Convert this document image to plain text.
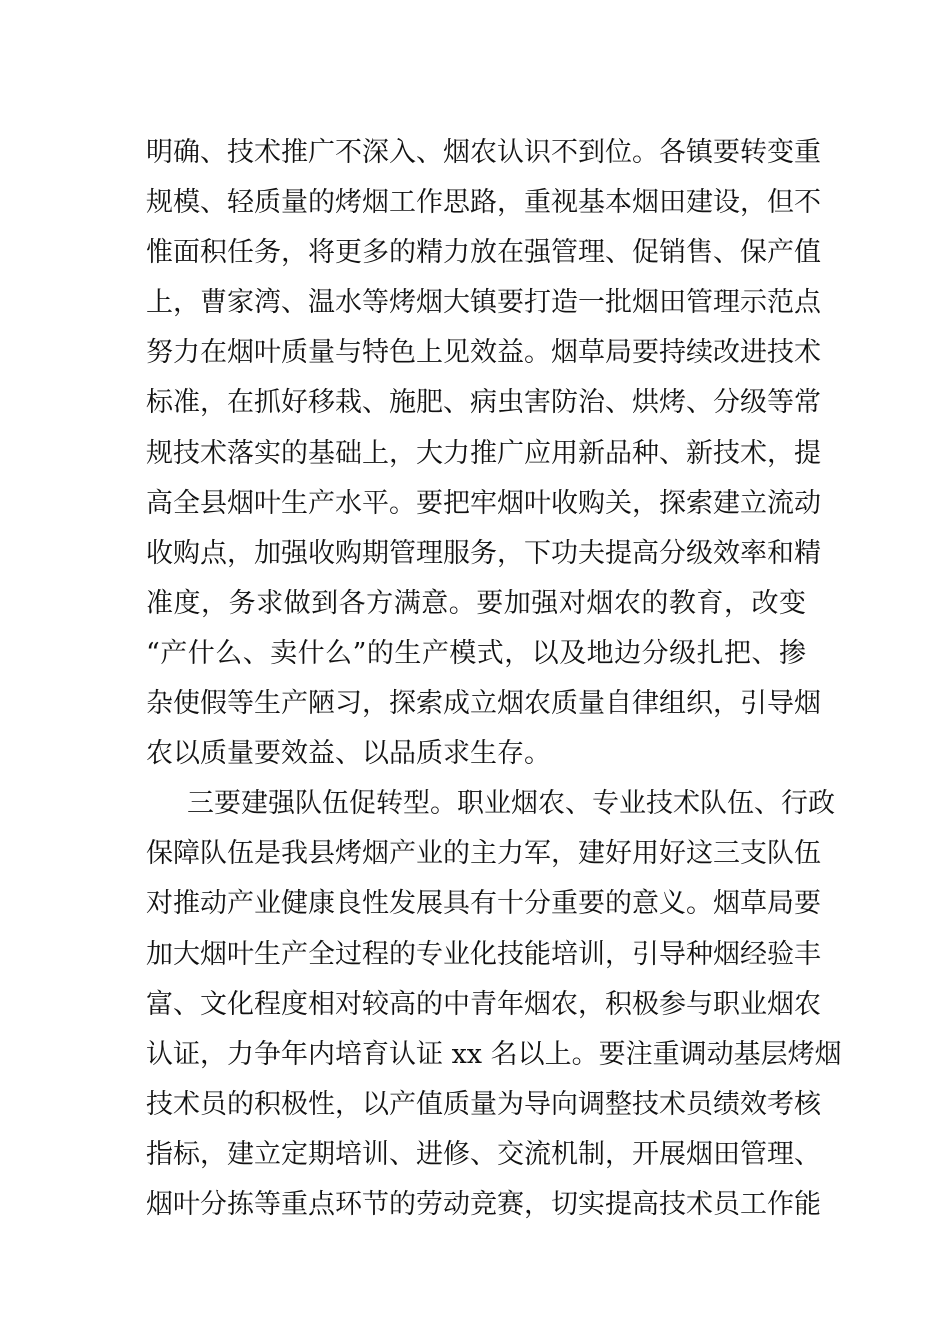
明确、技术推广不深入、烟农认识不到位。各镇要转变重
规模、轻质量的烤烟工作思路，重视基本烟田建设，但不
惟面积任务，将更多的精力放在强管理、促销售、保产值
上，曹家湾、温水等烤烟大镇要打造一批烟田管理示范点
努力在烟叶质量与特色上见效益。烟草局要持续改进技术
标准，在抓好移栽、施肥、病虫害防治、烘烤、分级等常
规技术落实的基础上，大力推广应用新品种、新技术，提
高全县烟叶生产水平。要把牢烟叶收购关，探索建立流动
收购点，加强收购期管理服务，下功夫提高分级效率和精
准度，务求做到各方满意。要加强对烟农的教育，改变
“产什么、卖什么”的生产模式，以及地边分级扎把、掺
杂使假等生产陋习，探索成立烟农质量自律组织，引导烟
农以质量要效益、以品质求生存。
三要建强队伍促转型。职业烟农、专业技术队伍、行政
保障队伍是我县烤烟产业的主力军，建好用好这三支队伍
对推动产业健康良性发展具有十分重要的意义。烟草局要
加大烟叶生产全过程的专业化技能培训，引导种烟经验丰
富、文化程度相对较高的中青年烟农，积极参与职业烟农
认证，力争年内培育认证 xx 名以上。要注重调动基层烤烟
技术员的积极性，以产值质量为导向调整技术员绩效考核
指标，建立定期培训、进修、交流机制，开展烟田管理、
烟叶分拣等重点环节的劳动竞赛，切实提高技术员工作能
